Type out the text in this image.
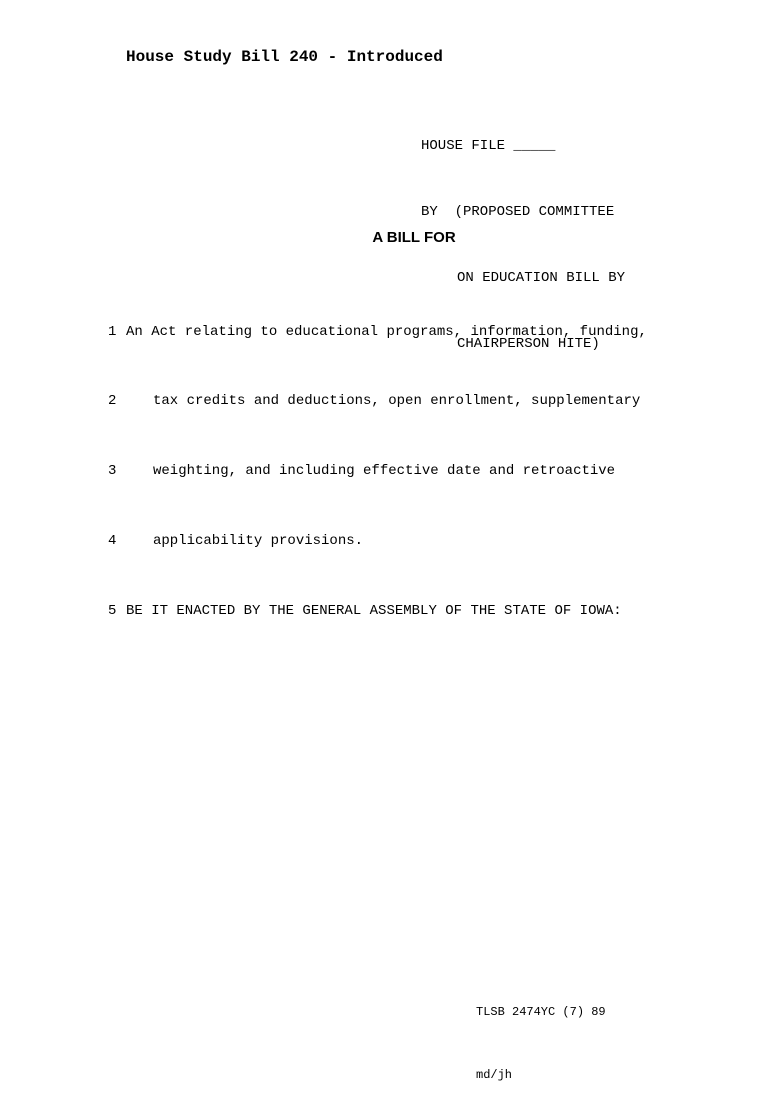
House Study Bill 240 - Introduced

HOUSE FILE _____

BY  (PROPOSED COMMITTEE

ON EDUCATION BILL BY

CHAIRPERSON HITE)

A BILL FOR

1 An Act relating to educational programs, information, funding,

2	tax credits and deductions, open enrollment, supplementary

3	weighting, and including effective date and retroactive

4	applicability provisions.

5 BE IT ENACTED BY THE GENERAL ASSEMBLY OF THE STATE OF IOWA:

TLSB 2474YC (7) 89

md/jh
